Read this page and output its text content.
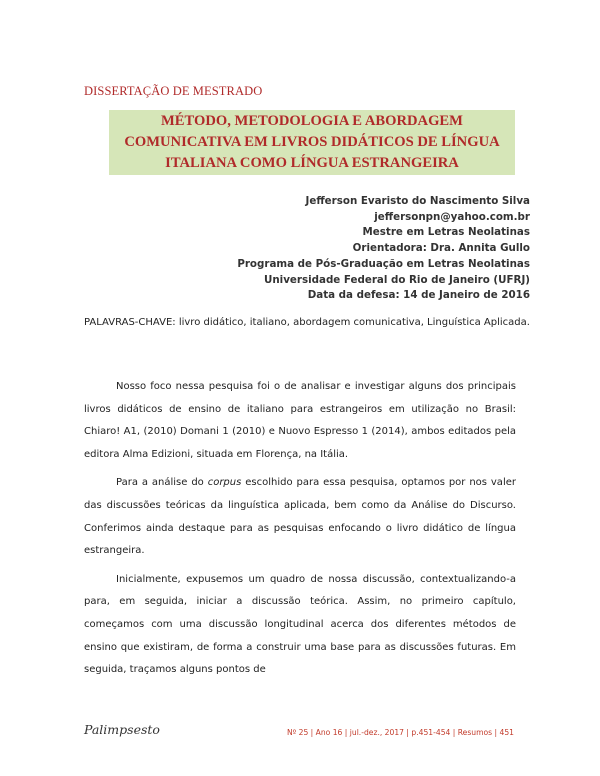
DISSERTAÇÃO DE MESTRADO

MÉTODO, METODOLOGIA E ABORDAGEM
COMUNICATIVA EM LIVROS DIDÁTICOS DE LÍNGUA
ITALIANA COMO LÍNGUA ESTRANGEIRA

Jefferson Evaristo do Nascimento Silva
jeffersonpn@yahoo.com.br
Mestre em Letras Neolatinas
Orientadora: Dra. Annita Gullo
Programa de Pós-Graduação em Letras Neolatinas
Universidade Federal do Rio de Janeiro (UFRJ)
Data da defesa: 14 de Janeiro de 2016
PALAVRAS-CHAVE: livro didático, italiano, abordagem comunicativa, Linguística Aplicada.

Nosso foco nessa pesquisa foi o de analisar e investigar alguns dos principais livros didáticos de ensino de italiano para estrangeiros em utilização no Brasil: Chiaro! A1, (2010) Domani 1 (2010) e Nuovo Espresso 1 (2014), ambos editados pela editora Alma Edizioni, situada em Florença, na Itália.

Para a análise do corpus escolhido para essa pesquisa, optamos por nos valer das discussões teóricas da linguística aplicada, bem como da Análise do Discurso. Conferimos ainda destaque para as pesquisas enfocando o livro didático de língua estrangeira.

Inicialmente, expusemos um quadro de nossa discussão, contextualizando-a para, em seguida, iniciar a discussão teórica. Assim, no primeiro capítulo, começamos com uma discussão longitudinal acerca dos diferentes métodos de ensino que existiram, de forma a construir uma base para as discussões futuras. Em seguida, traçamos alguns pontos de

Palimpsesto	Nº 25 | Ano 16 | jul.-dez., 2017 | p.451-454 | Resumos | 451
